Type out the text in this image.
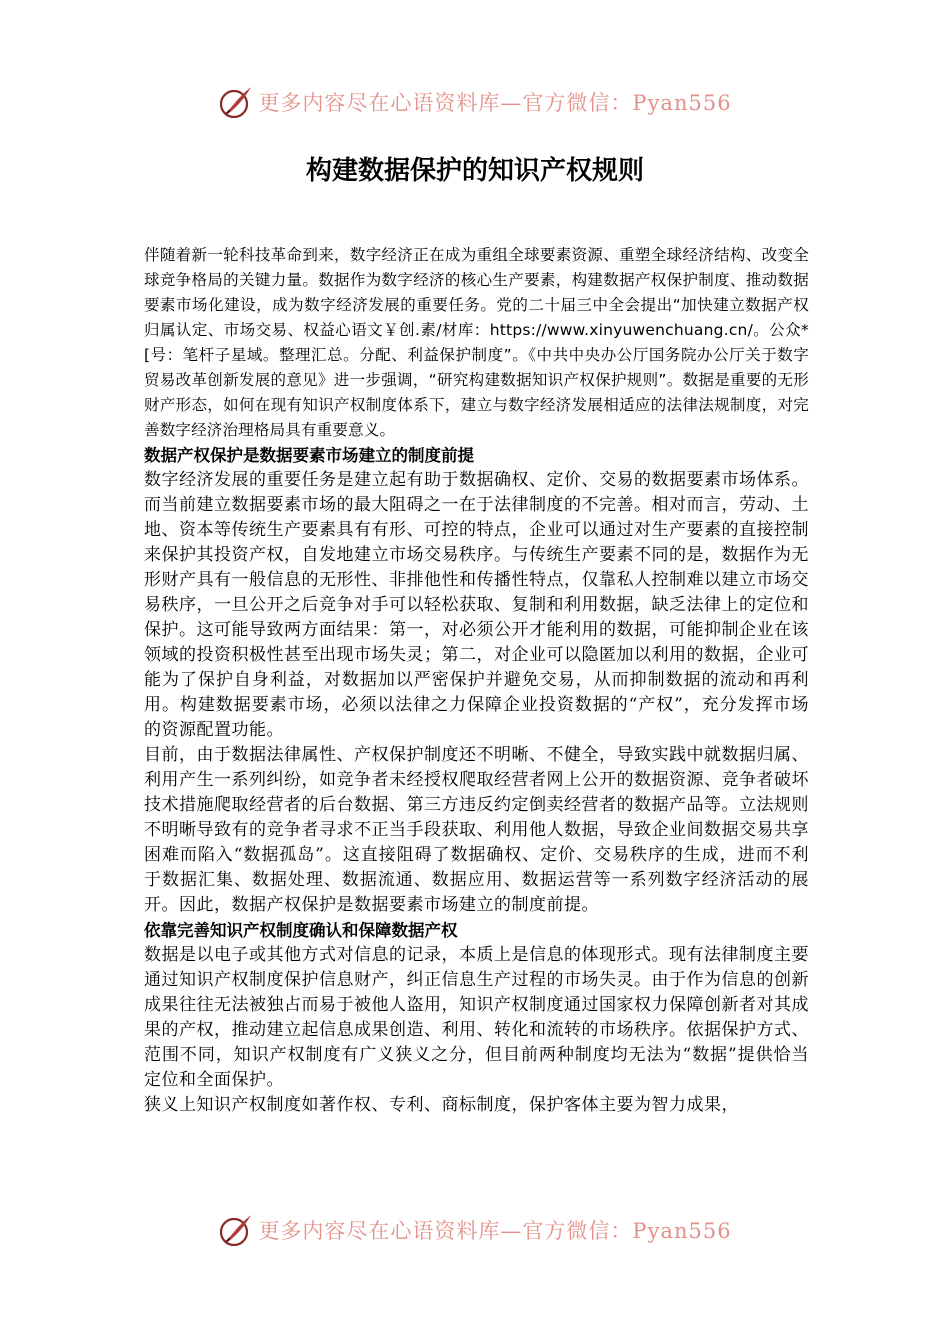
更多内容尽在心语资料库—官方微信：Pyan556
构建数据保护的知识产权规则

伴随着新一轮科技革命到来，数字经济正在成为重组全球要素资源、重塑全球经济结构、改变全球竞争格局的关键力量。数据作为数字经济的核心生产要素，构建数据产权保护制度、推动数据要素市场化建设，成为数字经济发展的重要任务。党的二十届三中全会提出“加快建立数据产权归属认定、市场交易、权益心语文￥创.素/材库：https://www.xinyuwenchuang.cn/。公众*[号：笔杆子星域。整理汇总。分配、利益保护制度”。《中共中央办公厅国务院办公厅关于数字贸易改革创新发展的意见》进一步强调，“研究构建数据知识产权保护规则”。数据是重要的无形财产形态，如何在现有知识产权制度体系下，建立与数字经济发展相适应的法律法规制度，对完善数字经济治理格局具有重要意义。

数据产权保护是数据要素市场建立的制度前提

数字经济发展的重要任务是建立起有助于数据确权、定价、交易的数据要素市场体系。而当前建立数据要素市场的最大阻碍之一在于法律制度的不完善。相对而言，劳动、土地、资本等传统生产要素具有有形、可控的特点，企业可以通过对生产要素的直接控制来保护其投资产权，自发地建立市场交易秩序。与传统生产要素不同的是，数据作为无形财产具有一般信息的无形性、非排他性和传播性特点，仅靠私人控制难以建立市场交易秩序，一旦公开之后竞争对手可以轻松获取、复制和利用数据，缺乏法律上的定位和保护。这可能导致两方面结果：第一，对必须公开才能利用的数据，可能抑制企业在该领域的投资积极性甚至出现市场失灵；第二，对企业可以隐匿加以利用的数据，企业可能为了保护自身利益，对数据加以严密保护并避免交易，从而抑制数据的流动和再利用。构建数据要素市场，必须以法律之力保障企业投资数据的“产权”，充分发挥市场的资源配置功能。

目前，由于数据法律属性、产权保护制度还不明晰、不健全，导致实践中就数据归属、利用产生一系列纠纷，如竞争者未经授权爬取经营者网上公开的数据资源、竞争者破坏技术措施爬取经营者的后台数据、第三方违反约定倒卖经营者的数据产品等。立法规则不明晰导致有的竞争者寻求不正当手段获取、利用他人数据，导致企业间数据交易共享困难而陷入“数据孤岛”。这直接阻碍了数据确权、定价、交易秩序的生成，进而不利于数据汇集、数据处理、数据流通、数据应用、数据运营等一系列数字经济活动的展开。因此，数据产权保护是数据要素市场建立的制度前提。

依靠完善知识产权制度确认和保障数据产权

数据是以电子或其他方式对信息的记录，本质上是信息的体现形式。现有法律制度主要通过知识产权制度保护信息财产，纠正信息生产过程的市场失灵。由于作为信息的创新成果往往无法被独占而易于被他人盗用，知识产权制度通过国家权力保障创新者对其成果的产权，推动建立起信息成果创造、利用、转化和流转的市场秩序。依据保护方式、范围不同，知识产权制度有广义狭义之分，但目前两种制度均无法为“数据”提供恰当定位和全面保护。

狭义上知识产权制度如著作权、专利、商标制度，保护客体主要为智力成果，

更多内容尽在心语资料库—官方微信：Pyan556
